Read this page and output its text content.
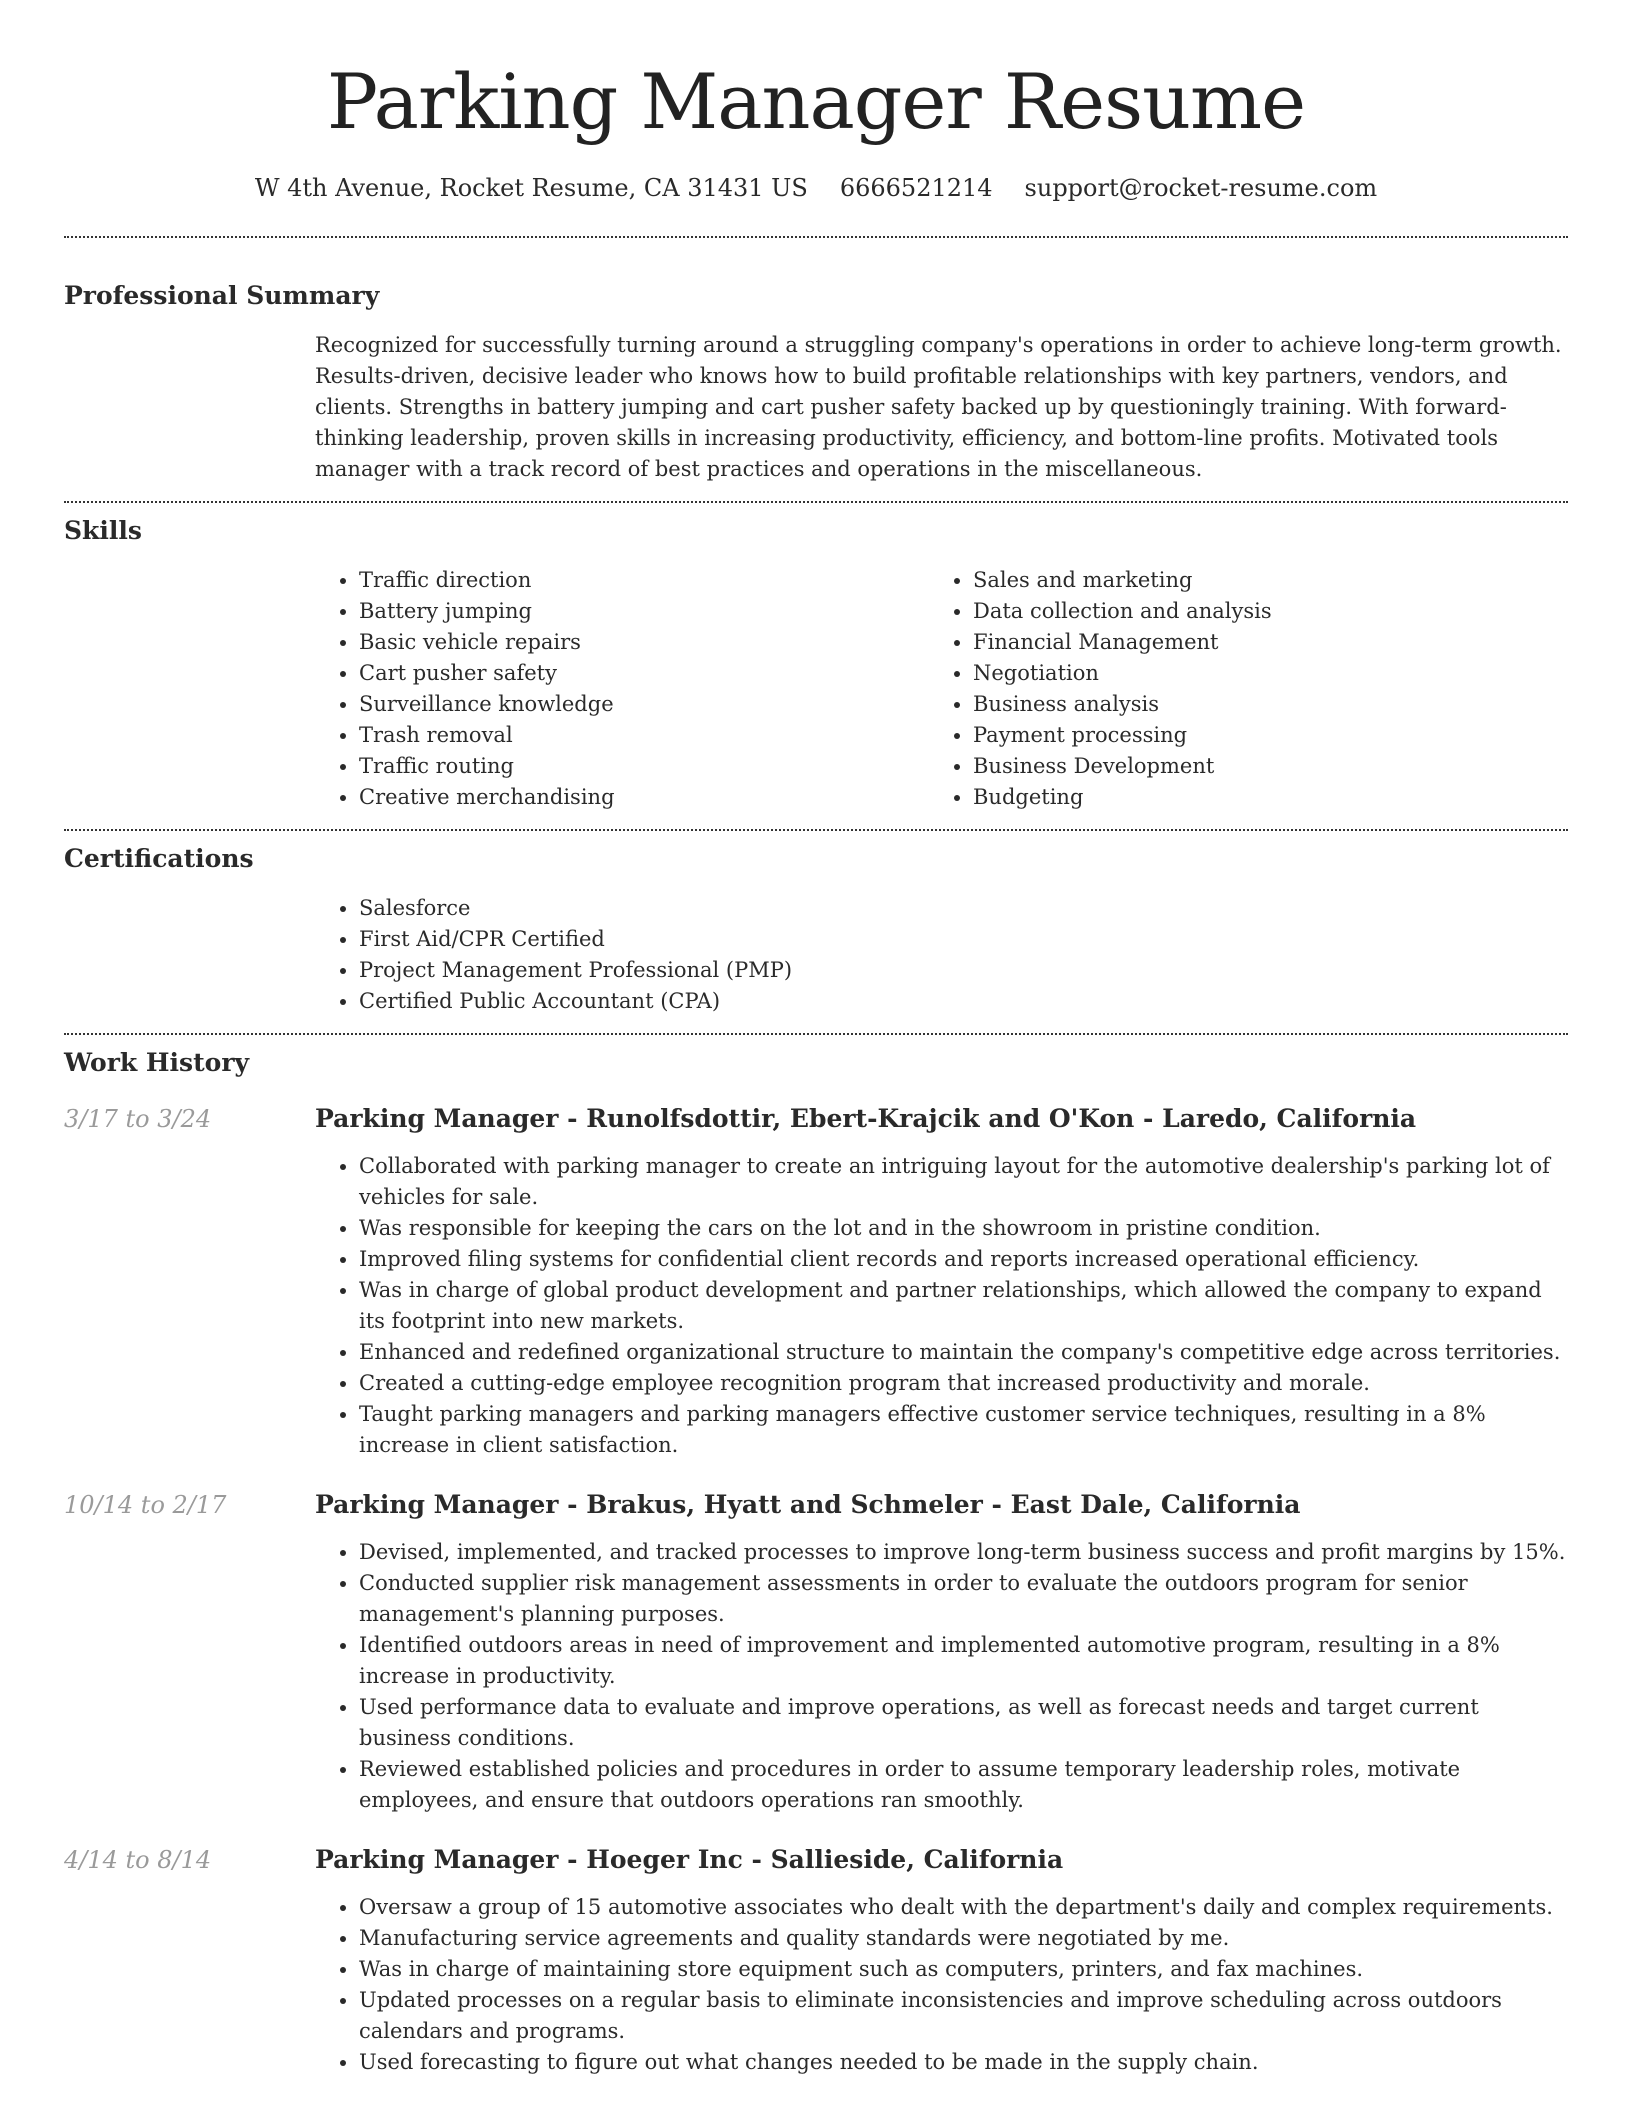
Parking Manager Resume
W 4th Avenue, Rocket Resume, CA 31431 US 6666521214 support@rocket-resume.com
Professional Summary

Recognized for successfully turning around a struggling company's operations in order to achieve long-term growth. Results-driven, decisive leader who knows how to build profitable relationships with key partners, vendors, and clients. Strengths in battery jumping and cart pusher safety backed up by questioningly training. With forward-thinking leadership, proven skills in increasing productivity, efficiency, and bottom-line profits. Motivated tools manager with a track record of best practices and operations in the miscellaneous.

Skills
• Traffic direction
• Battery jumping
• Basic vehicle repairs
• Cart pusher safety
• Surveillance knowledge
• Trash removal
• Traffic routing
• Creative merchandising
• Sales and marketing
• Data collection and analysis
• Financial Management
• Negotiation
• Business analysis
• Payment processing
• Business Development
• Budgeting
Certifications
• Salesforce
• First Aid/CPR Certified
• Project Management Professional (PMP)
• Certified Public Accountant (CPA)
Work History
3/17 to 3/24	Parking Manager - Runolfsdottir, Ebert-Krajcik and O'Kon - Laredo, California
• Collaborated with parking manager to create an intriguing layout for the automotive dealership's parking lot of vehicles for sale.
• Was responsible for keeping the cars on the lot and in the showroom in pristine condition.
• Improved filing systems for confidential client records and reports increased operational efficiency.
• Was in charge of global product development and partner relationships, which allowed the company to expand its footprint into new markets.
• Enhanced and redefined organizational structure to maintain the company's competitive edge across territories.
• Created a cutting-edge employee recognition program that increased productivity and morale.
• Taught parking managers and parking managers effective customer service techniques, resulting in a 8% increase in client satisfaction.
10/14 to 2/17	Parking Manager - Brakus, Hyatt and Schmeler - East Dale, California
• Devised, implemented, and tracked processes to improve long-term business success and profit margins by 15%.
• Conducted supplier risk management assessments in order to evaluate the outdoors program for senior management's planning purposes.
• Identified outdoors areas in need of improvement and implemented automotive program, resulting in a 8% increase in productivity.
• Used performance data to evaluate and improve operations, as well as forecast needs and target current business conditions.
• Reviewed established policies and procedures in order to assume temporary leadership roles, motivate employees, and ensure that outdoors operations ran smoothly.
4/14 to 8/14	Parking Manager - Hoeger Inc - Sallieside, California
• Oversaw a group of 15 automotive associates who dealt with the department's daily and complex requirements.
• Manufacturing service agreements and quality standards were negotiated by me.
• Was in charge of maintaining store equipment such as computers, printers, and fax machines.
• Updated processes on a regular basis to eliminate inconsistencies and improve scheduling across outdoors calendars and programs.
• Used forecasting to figure out what changes needed to be made in the supply chain.
